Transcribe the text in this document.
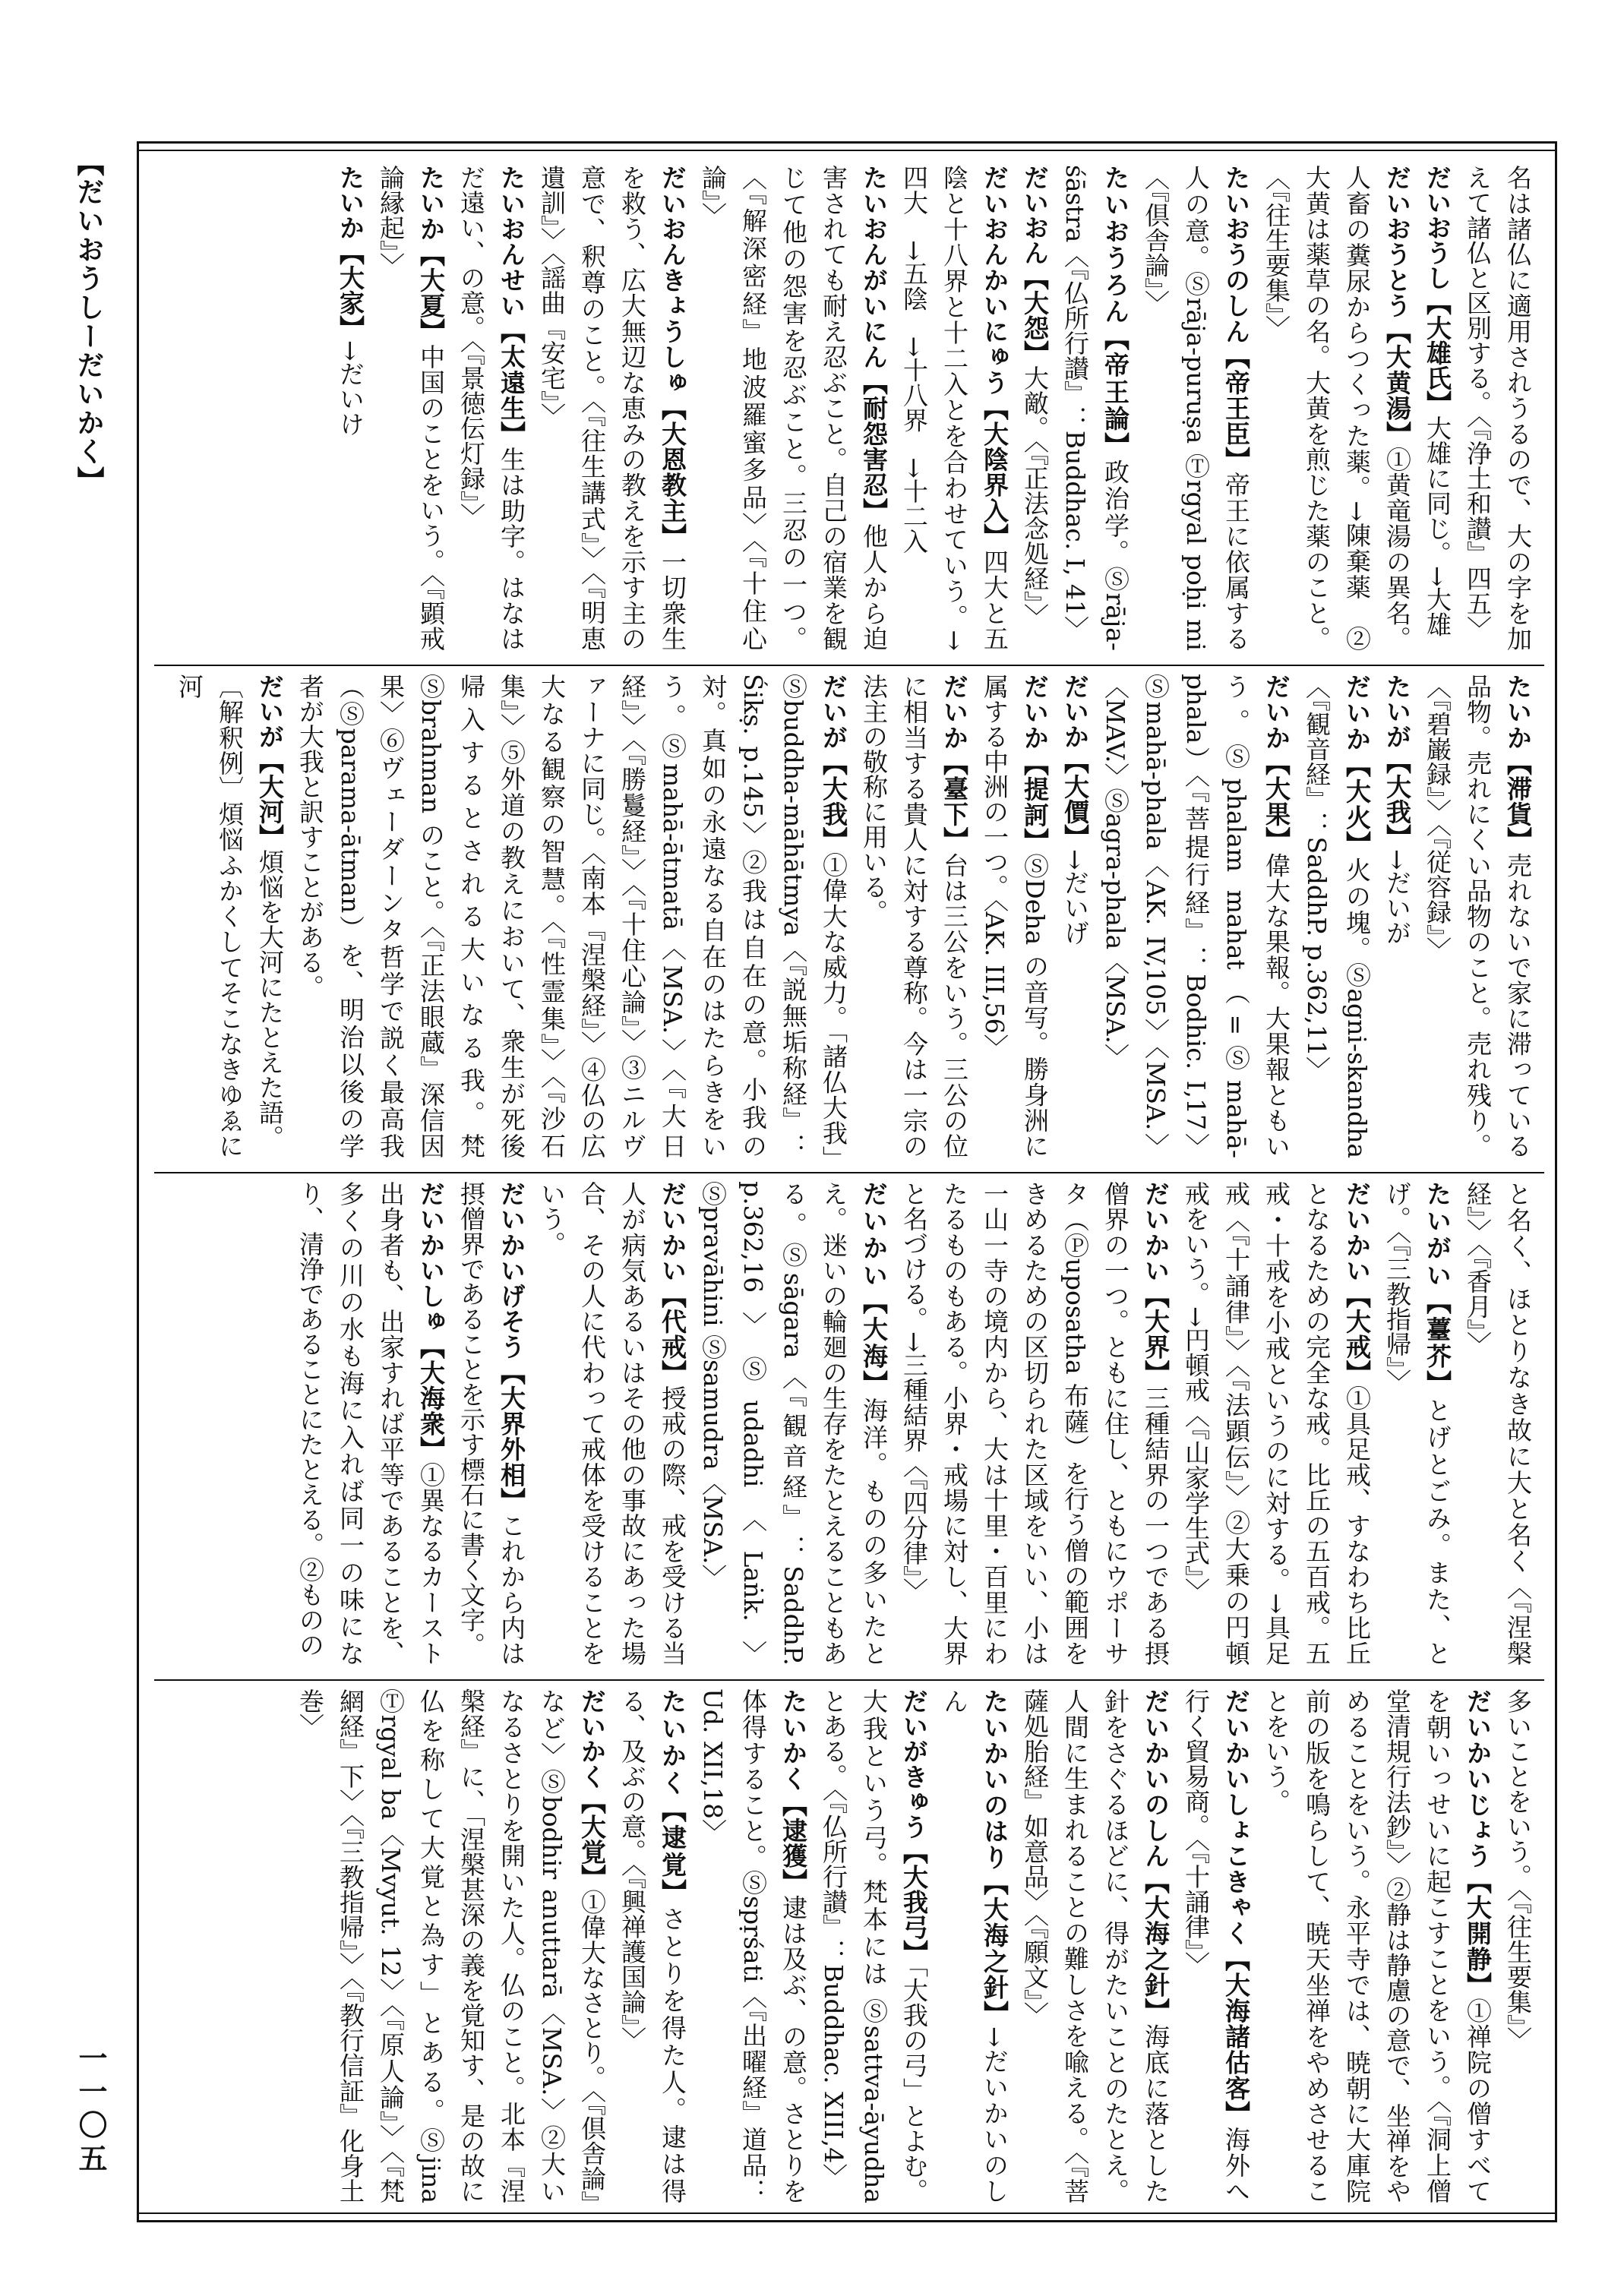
【だいおうしーだいかく】
一一〇五
名は諸仏に適用されうるので、大の字を加えて諸仏と区別する。〈『浄土和讃』四五〉
だいおうし【大雄氏】大雄に同じ。→大雄
だいおうとう【大黄湯】①黄竜湯の異名。人畜の糞尿からつくった薬。→陳棄薬　②大黄は薬草の名。大黄を煎じた薬のこと。〈『往生要集』〉
たいおうのしん【帝王臣】帝王に依属する人の意。Ⓢrāja-puruṣa Ⓣrgyal poḥi mi〈『倶舎論』〉
たいおうろん【帝王論】政治学。Ⓢrāja-śāstra〈『仏所行讃』：Buddhac. I, 41〉
だいおん【大怨】大敵。〈『正法念処経』〉
だいおんかいにゅう【大陰界入】四大と五陰と十八界と十二入とを合わせていう。→四大　→五陰　→十八界　→十二入
たいおんがいにん【耐怨害忍】他人から迫害されても耐え忍ぶこと。自己の宿業を観じて他の怨害を忍ぶこと。三忍の一つ。〈『解深密経』地波羅蜜多品〉〈『十住心論』〉
だいおんきょうしゅ【大恩教主】一切衆生を救う、広大無辺な恵みの教えを示す主の意で、釈尊のこと。〈『往生講式』〉〈『明恵遺訓』〉〈謡曲『安宅』〉
たいおんせい【太遠生】生は助字。はなはだ遠い、の意。〈『景徳伝灯録』〉
たいか【大夏】中国のことをいう。〈『顕戒論縁起』〉
たいか【大家】→だいけ
たいか【滞貨】売れないで家に滞っている品物。売れにくい品物のこと。売れ残り。〈『碧巌録』〉〈『従容録』〉
たいが【大我】→だいが
だいか【大火】火の塊。Ⓢagni-skandha〈『観音経』：SaddhP. p.362,11〉
だいか【大果】偉大な果報。大果報ともいう。Ⓢphalam mahat（=Ⓢmahā-phala）〈『菩提行経』：Bodhic. I,17〉Ⓢmahā-phala〈AK. IV,105〉〈MSA.〉〈MAV.〉Ⓢagra-phala〈MSA.〉
だいか【大價】→だいげ
だいか【提訶】ⓈDeha の音写。勝身洲に属する中洲の一つ。〈AK. III,56〉
だいか【臺下】台は三公をいう。三公の位に相当する貴人に対する尊称。今は一宗の法主の敬称に用いる。
だいが【大我】①偉大な威力。「諸仏大我」Ⓢbuddha-māhātmya〈『説無垢称経』：Śikṣ. p.145〉②我は自在の意。小我の対。真如の永遠なる自在のはたらきをいう。Ⓢmahā-ātmatā〈MSA.〉〈『大日経』〉〈『勝鬘経』〉〈『十住心論』〉③ニルヴァーナに同じ。〈南本『涅槃経』〉④仏の広大なる観察の智慧。〈『性霊集』〉〈『沙石集』〉⑤外道の教えにおいて、衆生が死後帰入するとされる大いなる我。梵Ⓢbrahman のこと。〈『正法眼蔵』深信因果〉⑥ヴェーダーンタ哲学で説く最高我（Ⓢparama-ātman）を、明治以後の学者が大我と訳すことがある。
だいが【大河】煩悩を大河にたとえた語。
〔解釈例〕煩悩ふかくしてそこなきゆゑに河
と名く、ほとりなき故に大と名く〈『涅槃経』〉〈『香月』〉
たいがい【薹芥】とげとごみ。また、とげ。〈『三教指帰』〉
だいかい【大戒】①具足戒、すなわち比丘となるための完全な戒。比丘の五百戒。五戒・十戒を小戒というのに対する。→具足戒〈『十誦律』〉〈『法顕伝』〉②大乗の円頓戒をいう。→円頓戒〈『山家学生式』〉
だいかい【大界】三種結界の一つである摂僧界の一つ。ともに住し、ともにウポーサタ（Ⓟuposatha 布薩）を行う僧の範囲をきめるための区切られた区域をいい、小は一山一寺の境内から、大は十里・百里にわたるものもある。小界・戒場に対し、大界と名づける。→三種結界〈『四分律』〉
だいかい【大海】海洋。ものの多いたとえ。迷いの輪廻の生存をたとえることもある。Ⓢsāgara〈『観音経』：SaddhP. p.362,16〉Ⓢudadhi〈Laṅk.〉Ⓢpravāhini Ⓢsamudra〈MSA.〉
だいかい【代戒】授戒の際、戒を受ける当人が病気あるいはその他の事故にあった場合、その人に代わって戒体を受けることをいう。
だいかいげそう【大界外相】これから内は摂僧界であることを示す標石に書く文字。
だいかいしゅ【大海衆】①異なるカースト出身者も、出家すれば平等であることを、多くの川の水も海に入れば同一の味になり、清浄であることにたとえる。②ものの
多いことをいう。〈『往生要集』〉
だいかいじょう【大開静】①禅院の僧すべてを朝いっせいに起こすことをいう。〈『洞上僧堂清規行法鈔』〉②静は静慮の意で、坐禅をやめることをいう。永平寺では、暁朝に大庫院前の版を鳴らして、暁天坐禅をやめさせることをいう。
だいかいしょこきゃく【大海諸估客】海外へ行く貿易商。〈『十誦律』〉
だいかいのしん【大海之針】海底に落とした針をさぐるほどに、得がたいことのたとえ。人間に生まれることの難しさを喩える。〈『菩薩処胎経』如意品〉〈『願文』〉
たいかいのはり【大海之針】→だいかいのしん
だいがきゅう【大我弓】「大我の弓」とよむ。大我という弓。梵本には Ⓢsattva-āyudha とある。〈『仏所行讃』：Buddhac. XIII,4〉
たいかく【逮獲】逮は及ぶ、の意。さとりを体得すること。Ⓢspṛśati〈『出曜経』道品：Ud. XII,18〉
たいかく【逮覚】さとりを得た人。逮は得る、及ぶの意。〈『興禅護国論』〉
だいかく【大覚】①偉大なさとり。〈『倶舎論』など〉Ⓢbodhir anuttarā〈MSA.〉②大いなるさとりを開いた人。仏のこと。北本『涅槃経』に、「涅槃甚深の義を覚知す、是の故に仏を称して大覚と為す」とある。Ⓢjina Ⓣrgyal ba〈Mvyut. 12〉〈『原人論』〉〈『梵網経』下〉〈『三教指帰』〉〈『教行信証』化身土巻〉
